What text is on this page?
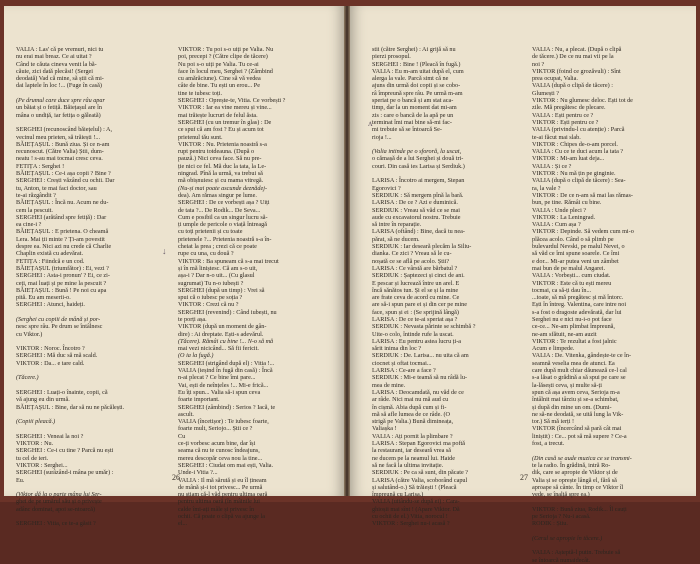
VALIA : Las' că pe vremuri, nici tu
nu erai mai breaz. Ce ai uitat ?
Când te căuta cineva venit la bă-
căuie, zici dată plecăsi! (Sergei
deodată) Vad că mine, să știi că mi-
dai laptele în loc !... (Fuge în casă)
(Pe drumul care duce spre râu apar
un băiat și o fetiță. Băiețașul are în
mâna o undiță, iar fetița o găleată)
SERGHEI (recunoscând băiețelul) : A,
vecinul meu prieten, să trăiești !...
BĂIEȚAȘUL : Bună ziua. Și ce n-am
recunoscut. (Către Valia) Știi, dum-
neatu ! s-au mai tocmai cresc ceva.
FETIȚA : Serghei !
BĂIEȚAȘUL : Ce-i așa copii ? Bine ?
SERGHEI : Crești văzând cu ochii. Dar
tu, Anton, te mai faci doctor, sau
te-ai răzgândit ?
BĂIEȚAȘUL : Încă nu. Acum ne du-
cem la pescuit.
SERGHEI (arătând spre fetiță) : Dar
ea cine-i ?
BĂIEȚAȘUL : E prietena. O cheamă
Lera. Mai ții minte ? Ți-am povestit
despre ea. Nici azi nu crede că Charlie
Chaplin există cu adevărat.
FETIȚA : Fiindcă e un cod.
BĂIEȚAȘUL (triumfător) : Ei, vezi ?
SERGHEI : Asta-i pronun' ? Ei, ce zi-
ceți, mai luați și pe mine la pescuit ?
BĂIEȚAȘUL : Bună ! Pe noi cu apa
pită. Eu am meserii-o.
SERGHEI : Atunci, haideți.
(Serghei cu copiii de mână și por-
nesc spre râu. Pe drum se întâlnesc
cu Viktor.)
VIKTOR : Noroc. Încotro ?
SERGHEI : Mă duc să mă scald.
VIKTOR : Da... e tare cald.
(Tăcere.)
SERGHEI : Luați-o înainte, copii, că
vă ajung eu din urmă.
BĂIEȚAȘUL : Bine, dar să nu ne păcălești.
(Copiii pleacă.)
SERGHEI : Veneai la noi ?
VIKTOR : Nu.
SERGHEI : Ce-i cu tine ? Parcă nu ești
tu cel de ieri.
VIKTOR : Serghei...
SERGHEI (surâzând-i mâna pe umăr) :
Eu.
(Viktor dă la o parte mâna lui Ser-
ghei de pe umărul său și o privește
adânc dominat, apoi se-ntoarcă)
SERGHEI : Vitia, ce te-a găsit ?
VIKTOR : Tu poi s-o uiți pe Valia. Nu
poi, precepi ? (Către clipe de tăcere)
Nu poi s-o uiți pe Valia. Tu ce-ai
face în locul meu, Serghei ? (Zâmbind
cu amărăciune). Cine să vă vedea
câte de bine. Tu ești un erou... Pe
tine te iubesc toți.
SERGHEI : Oprește-te, Vitia. Ce vorbești ?
VIKTOR : Iar ea vine mereu și vine...
mai trăiește lucruri de felul ăsta.
SERGHEI (cu un tremur în glas) : De
ce spui că am fost ? Eu și acum tot
prietenul tău sunt.
VIKTOR : Nu. Prietenia noastră s-a
rupt pentru totdeauna. (După o
pauză.) Nici ceva face. Să nu pre-
ție nici ce fel. Mă duc la tata, la Le-
ningrad. Pînă la urmă, va trebui să
mă obișnuiesc și cu mama vitregă.
(Nu-și mai poate ascunde deznădej-
dea). Am rămas singur pe lume.
SERGHEI : De ce vorbești așa ? Uiți
de tata ?... De Rodik... De Seva...
Cum e posibil ca un singur lucru să-
ți umple de pericole o viață întreagă
cu toți prietenii și cu toate
prietenele ?... Prietenia noastră s-a în-
cheiat la prea ; crezi că ce poate
rupe cu una, cu două ?
VIKTOR : Ba spuneam că s-a mai trecut
și în mă liniștesc. Că am s-o uit,
așa-i ? Dar n-o uit... (Cu glasul
sugrumat) Tu n-o iubești ?
SERGHEI (după un timp) : Vrei să
spui că o iubesc pe soția ?
VIKTOR : Crezi că nu ?
SERGHEI (revenind) : Când iubești, nu
te porți așa.
VIKTOR (după un moment de gân-
dire) : Ai dreptate. Ești-s adevărul.
(Tăcere). Rămâi cu bine !... N-o să mă
mai vezi nicicând... Să fii fericit.
(O ia la fugă.)
SERGHEI (strigând după el) : Vitia !...
VALIA (ieșind în fugă din casă) : Încă
n-ai plecat ? Ce bine îmi pare...
Vai, ești de neînțeles !... Mi-e frică...
Eu îți spun... Valia să-i spun ceva
foarte important.
SERGHEI (zâmbind) : Serios ? Iacă, te
ascult.
VALIA (încetișor) : Te iubesc foarte,
foarte mult, Seriojo... Știi ce ?
Cu
ce-ți vorbesc acum bine, dar își
seama că nu te cunosc îndeajuns,
mereu descopăr ceva nou la tine...
SERGHEI : Ciudat om mai ești, Valia.
Unde-i Vitia ?...
VALIA : Il mă sărută și eu îl țineam
de mână și-i tot privesc... Pe urmă
nu știam că-l văd pentru ultima oară
pentru ultima oară (în mâinile lui
calde îmi-ați mâle și privesc în
ochii. Că poate o clipă va ajunge la
el...
26
stii (către Serghei) : Ai grijă să nu
pierzi prosopul.
SERGHEI : Bine ! (Pleacă în fugă.)
VALIA : Eu m-am uitat după el, cum
alerga la vale. Parcă simt că ne
ajuns din urmă doi copii și se cobo-
râ împreună spre râu. Pe urmă m-am
speriat pe o bancă și am stat aca-
timp, dar la un moment dat mi-am
zis : care o bancă de la apă pe un
terminat îmi mai bine să-mi fac-
mi trebuie să se întoarcă Se-
rioja !...
(Valia intinde pe o sfororă, la uscat,
o cămașă de a lui Serghei și două tri-
couri. Din casă ies Larisa și Serdiuk.)
LARISA : Încotro ai mergem, Stepan
Egorovici ?
SERDIUK : Să mergem pînă la bară.
LARISA : De ce ? Azi e duminică.
SERDIUK : Vreau să văd ce se mai
aude cu excavatorul nostru. Trebuie
să intre în reparație.
LARISA (oftând) : Bine, dacă tu nea-
părat, să ne ducem.
SERDIUK : Iar deseară plecăm la Siliu-
dianka. Ce zici ? Vreau să le cu-
noșată ce se află pe acolo. Știi?
LARISA : Ce vârstă are bărbatul ?
SERDIUK : Șaptezeci și cinci de ani.
E pescar și lucrează între un arel. E
încă sănătos tun. Și el se și la mine
are frate ceva de acord cu mine. Ce
are să-i spun pare ei și din cer pe mine
face, spun și ei : (Se sprijină lângă)
LARISA : De ce te-ai speriat așa ?
SERDIUK : Nevasta părinte se schimbă ?
Uite-o colo, întinde rufe la uscat.
LARISA : Eu pentru astea lucru ți-a
sărit inima din loc ?
SERDIUK : De. Larisa... nu uita că am
ciocnet și oftat tocmai...
LARISA : Ce-are a face ?
SERDIUK : Mi-e teamă să nu râdă lu-
mea de mine.
LARISA : Deocamdată, nu văd de ce
ar râde. Nici mai nu mă aud cu
în cișmă. Abia după cum și fi-
mă să afle lumea de ce râde. (O
strigă pe Valia.) Bună dimineața,
Valiașka !
VALIA : Ați pornit la plimbare ?
LARISA : Stepan Egorovici ma poftă
la restaurant, iar deseară vrea să
ne ducem pe la neamul lui. Haide
să ne facă la ultima invitație.
SERDIUK : Pe ca să sunt, din păcate ?
LARISA (către Valia, scoborând capul
și salutând-o.) Să trăiești ! (Pleacă
împreună cu Larisa.)
VALIA (uitându-se după ei) : Cara-
ghioșii mai sînt ! (Apare Viktor. Dă
cu ochii de el.) Vitia, norocul !
VIKTOR : Serghei nu-i acasă ?
VALIA : Nu, a plecat. (După o clipă
de tăcere.) De ce nu mai vii pe la
noi ?
VIKTOR (foind ce grozăvuli) : Sînt
prea ocupat, Valia.
VALIA (după o clipă de tăcere) :
Glumești ?
VIKTOR : Nu glumesc deloc. Ești tot de
zile. Mă pregătesc de plecare.
VALIA : Ești pentru ce ?
VIKTOR : Ești pentru ce ?
VALIA (privindu-l cu atenție) : Parcă
te-ai făcut mai slab.
VIKTOR : Chipes de-o-am porcel.
VALIA : Cu ce te duci acum la tata ?
VIKTOR : Mi-am luat deja...
VALIA : Și ce ?
VIKTOR : Nu mă țin pe ginginie.
VALIA (după o clipă de tăcere) : Sea-
ra, la vale ?
VIKTOR : De ce n-am să mai las rămas-
bun, pe tine. Rămâi cu bine.
VALIA : Unde pleci ?
VIKTOR : La Leningrad.
VALIA : Cum așa ?
VIKTOR : Depinde. Să vedem cum mi-o
plăcea acolo. Când o să plimb pe
bulevardul Nevski, pe malul Nevei, o
să văd ce îmi spune soarele. Ce îmi
e dor... Mi-ar putea veni un zâmbet
mai bun de pe malul Angarei.
VALIA : Vorbești... cum ciudat.
VIKTOR : Este că tu ești mereu
tocmai, ca să-ți dau în...
...toate, să mă pregătesc și mă întorc.
Ești în întreg. Valentina, care intre noi
s-a fost o dragoste adevărată, dar lui
Serghei nu e nici nu-i-o pot face
ce-ce... Ne-am plimbat împreună,
ne-am sfătuit, ne-am auzit
VIKTOR : Te rezultat a fost jalnic
Acum e limpede.
VALIA : De. Vitenka, gândește-te ce în-
seamnă veselia mea de atunci. Ea
care după mult chiar dăunează ce-l cal
s-a lăsat o grădină a să spui pe care se
la-lăsești ceva, și multe să-ți
spun că așa avem ceva, Serioja m-a
întâlnit mai târziu și se-a schimbat,
și după din mine un om. (Dumi-
ne să-ne deodată, se uită lung la Vik-
tor.) Să mă ierți !
VIKTOR (încercând să pară cât mai
liniștit) : Ce... pot să mă supere ? Ce-a
fost, a trecut.
(Din casă se aude muzica ce se transmi-
te la radio. În grădină, intră Ro-
dik, care se apropie de Viktor și de
Valia și se oprește lângă el, fără să
aproape să cânte. În timp ce Viktor îl
vede, se înalță spre ea.)
VIKTOR : Bună ziua, Rodik... Îl cauți
pe Serioja ? Nu-i acasă.
RODIK : Știu.
(Cerul se apropie în tăcere.)
VALIA : Așteptă-l putin. Trebuie să
se întoarcă numaidecât.
ʌ
27
↓
